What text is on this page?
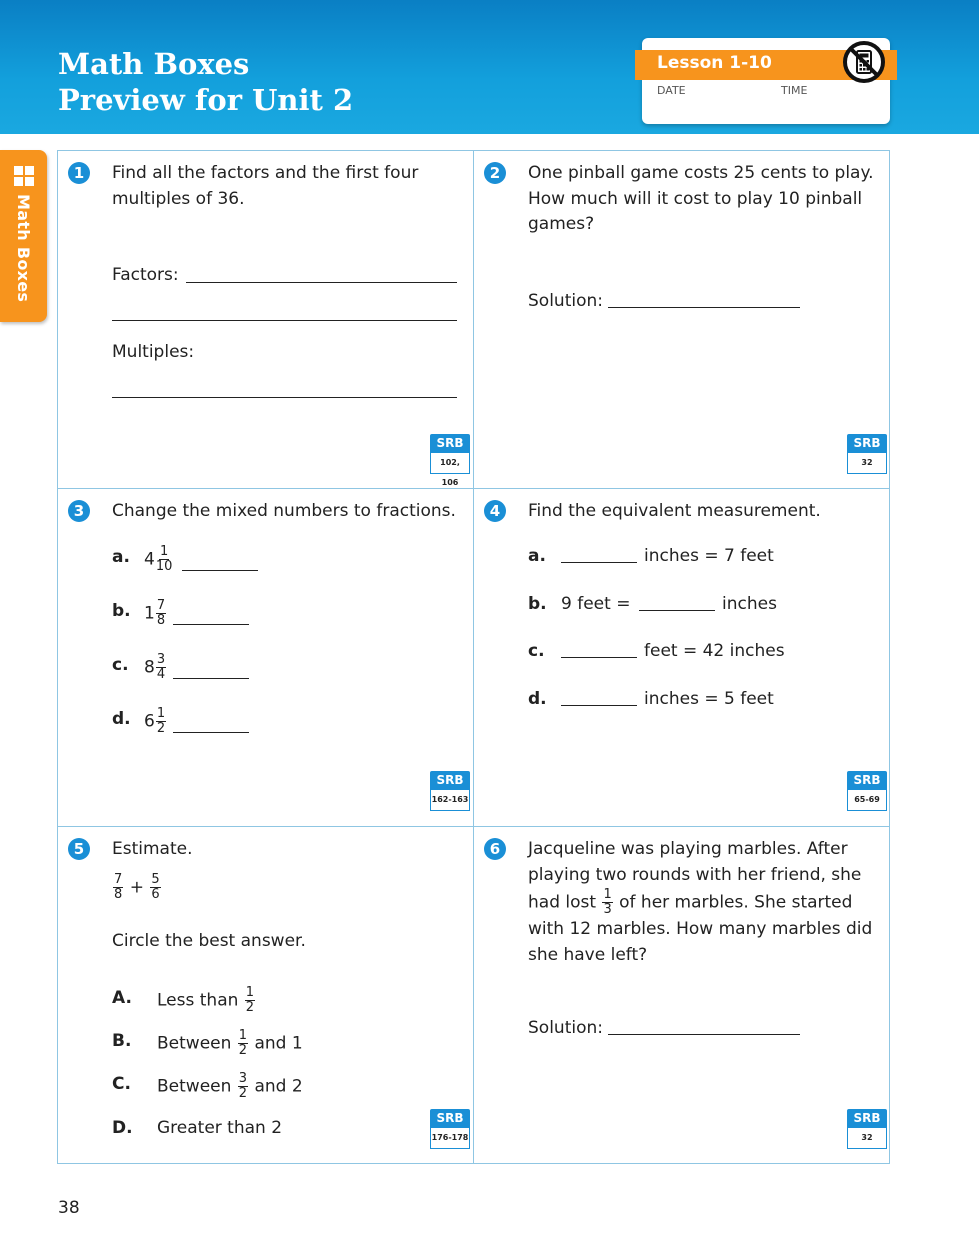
Math Boxes
Preview for Unit 2
Lesson 1-10
DATE	TIME
Math Boxes
1	Find all the factors and the first four
multiples of 36.
Factors:
Multiples:
SRB
102, 106
2	One pinball game costs 25 cents to play.
How much will it cost to play 10 pinball
games?
Solution:
SRB
32
3	Change the mixed numbers to fractions.
a. $4 \frac{1}{10}$
b. $1 \frac{7}{8}$
c. $8 \frac{3}{4}$
d. $6 \frac{1}{2}$
SRB
162-163
4	Find the equivalent measurement.
a.	inches = 7 feet
b. 9 feet =	inches
c.	feet = 42 inches
d.	inches = 5 feet
SRB
65-69
5	Estimate.
$\frac{7}{8} + \frac{5}{6}$
Circle the best answer.
A. Less than $\frac{1}{2}$
B. Between $\frac{1}{2}$ and 1
C. Between $\frac{3}{2}$ and 2
D. Greater than 2	SRB
176-178
6	Jacqueline was playing marbles. After
playing two rounds with her friend, she
had lost $\frac{1}{3}$ of her marbles. She started
with 12 marbles. How many marbles did
she have left?
Solution:
SRB
32
38
